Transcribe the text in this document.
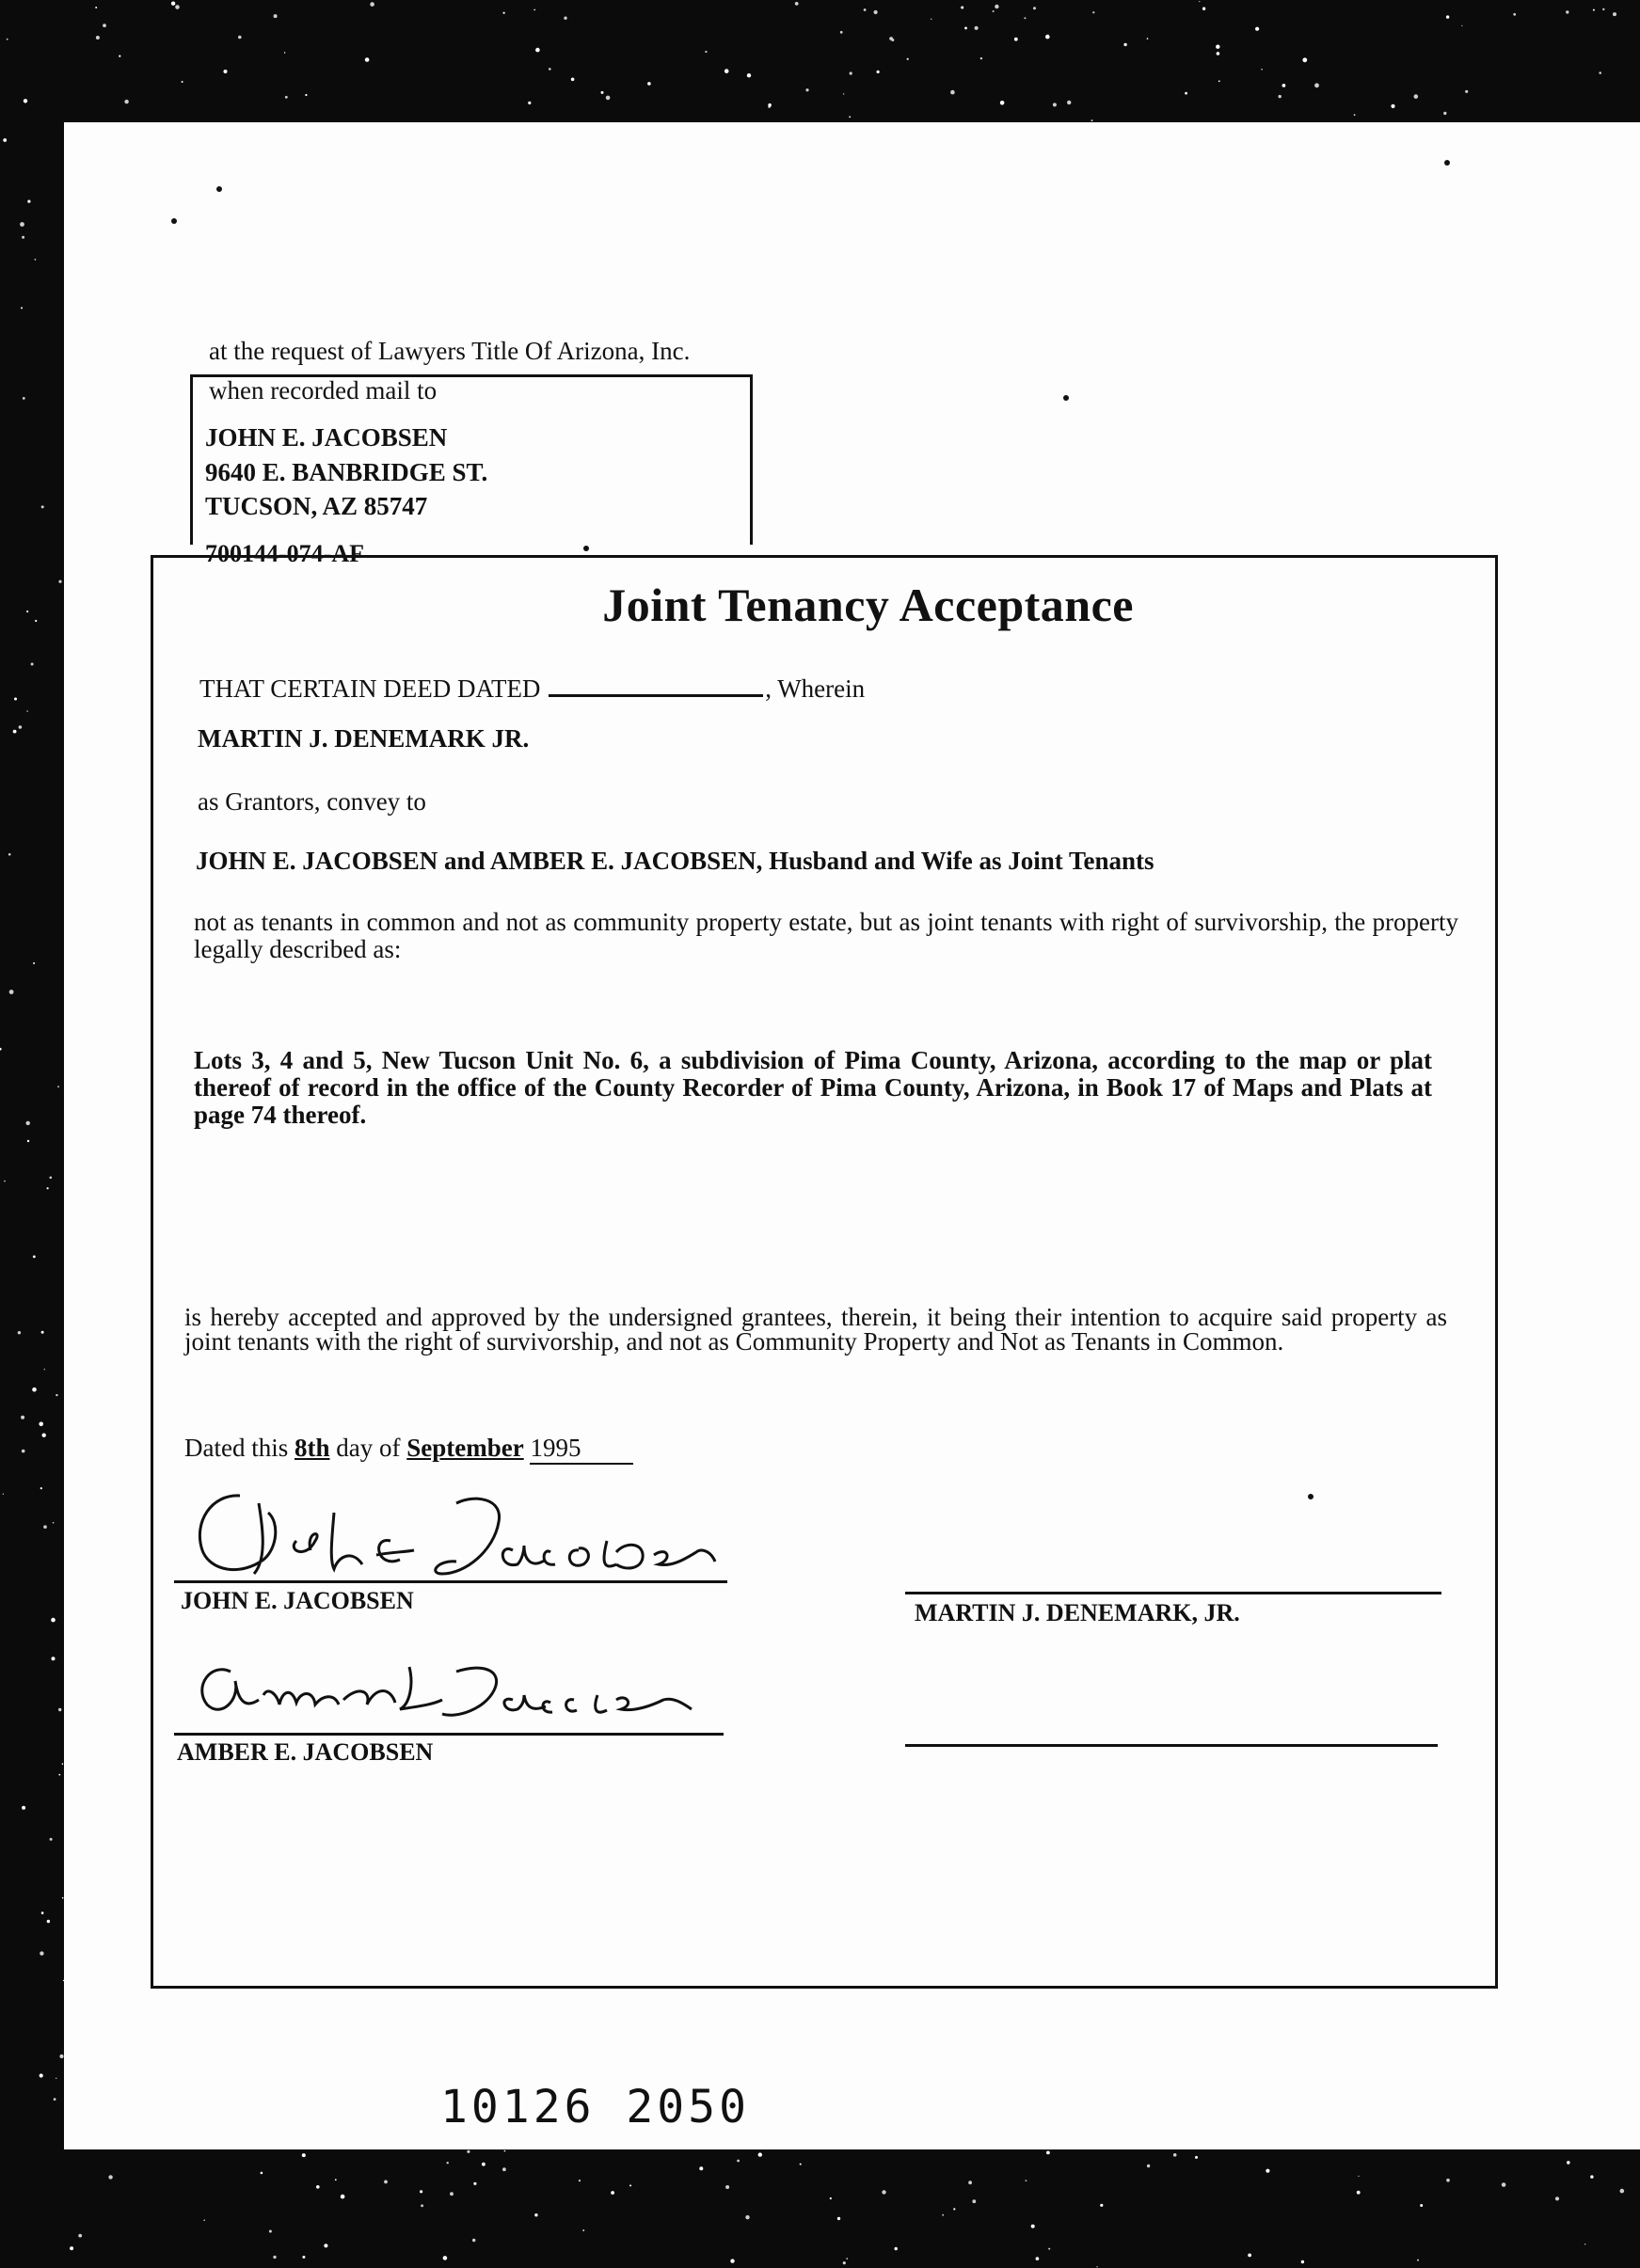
at the request of Lawyers Title Of Arizona, Inc.
when recorded mail to
JOHN E. JACOBSEN
9640 E. BANBRIDGE ST.
TUCSON, AZ 85747
700144-074-AF
Joint Tenancy Acceptance
THAT CERTAIN DEED DATED	, Wherein
MARTIN J. DENEMARK JR.
as Grantors, convey to
JOHN E. JACOBSEN and AMBER E. JACOBSEN, Husband and Wife as Joint Tenants
not as tenants in common and not as community property estate, but as joint tenants with right of survivorship, the property legally described as:
Lots 3, 4 and 5, New Tucson Unit No. 6, a subdivision of Pima County, Arizona, according to the map or plat thereof of record in the office of the County Recorder of Pima County, Arizona, in Book 17 of Maps and Plats at page 74 thereof.
is hereby accepted and approved by the undersigned grantees, therein, it being their intention to acquire said property as joint tenants with the right of survivorship, and not as Community Property and Not as Tenants in Common.
Dated this 8th day of September 1995
JOHN E. JACOBSEN
AMBER E. JACOBSEN
MARTIN J. DENEMARK, JR.
10126 2050
